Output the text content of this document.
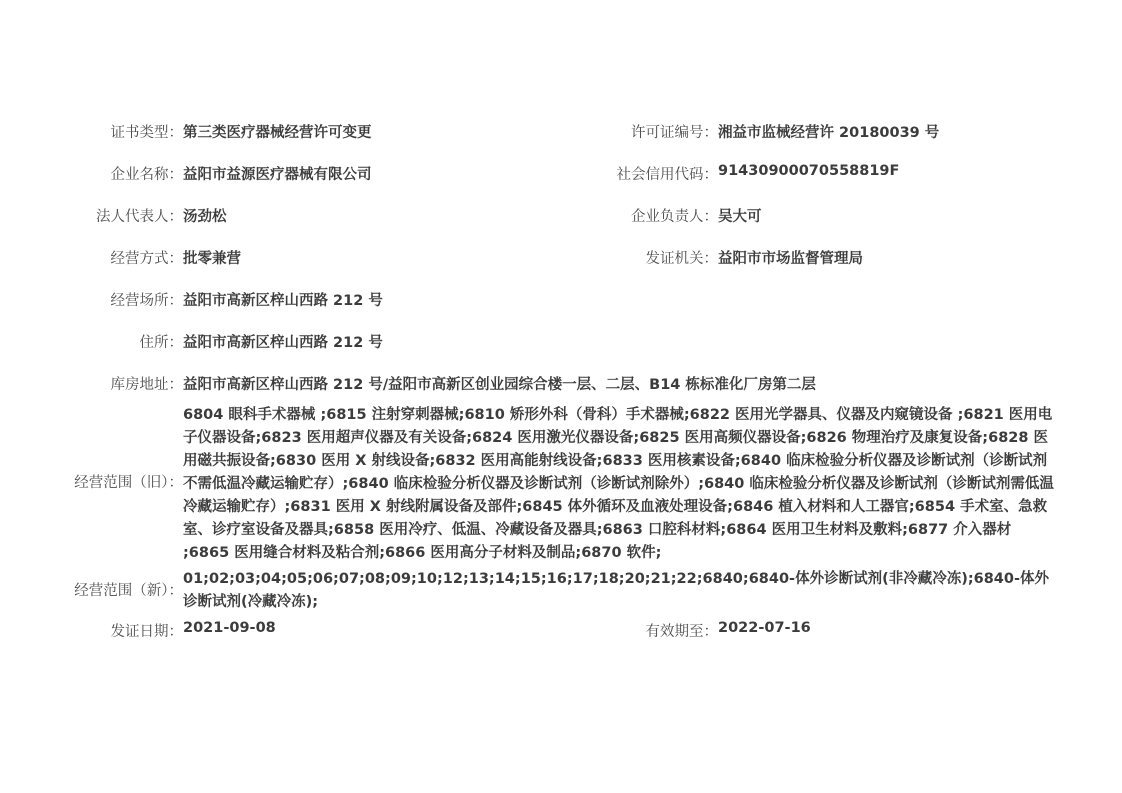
证书类型： 第三类医疗器械经营许可变更	许可证编号： 湘益市监械经营许 20180039 号
企业名称： 益阳市益源医疗器械有限公司	社会信用代码： 91430900070558819F
法人代表人： 汤劲松	企业负责人： 吴大可
经营方式： 批零兼营	发证机关： 益阳市市场监督管理局
经营场所： 益阳市高新区梓山西路 212 号
住所： 益阳市高新区梓山西路 212 号
库房地址： 益阳市高新区梓山西路 212 号/益阳市高新区创业园综合楼一层、二层、B14 栋标准化厂房第二层
经营范围（旧）：
6804 眼科手术器械 ;6815 注射穿刺器械;6810 矫形外科（骨科）手术器械;6822 医用光学器具、仪器及内窥镜设备 ;6821 医用电子仪器设备;6823 医用超声仪器及有关设备;6824 医用激光仪器设备;6825 医用高频仪器设备;6826 物理治疗及康复设备;6828 医用磁共振设备;6830 医用 X 射线设备;6832 医用高能射线设备;6833 医用核素设备;6840 临床检验分析仪器及诊断试剂（诊断试剂不需低温冷藏运输贮存）;6840 临床检验分析仪器及诊断试剂（诊断试剂除外）;6840 临床检验分析仪器及诊断试剂（诊断试剂需低温冷藏运输贮存）;6831 医用 X 射线附属设备及部件;6845 体外循环及血液处理设备;6846 植入材料和人工器官;6854 手术室、急救室、诊疗室设备及器具;6858 医用冷疗、低温、冷藏设备及器具;6863 口腔科材料;6864 医用卫生材料及敷料;6877 介入器材 ;6865 医用缝合材料及粘合剂;6866 医用高分子材料及制品;6870 软件;
经营范围（新）：
01;02;03;04;05;06;07;08;09;10;12;13;14;15;16;17;18;20;21;22;6840;6840-体外诊断试剂(非冷藏冷冻);6840-体外诊断试剂(冷藏冷冻);
发证日期： 2021-09-08	有效期至： 2022-07-16
